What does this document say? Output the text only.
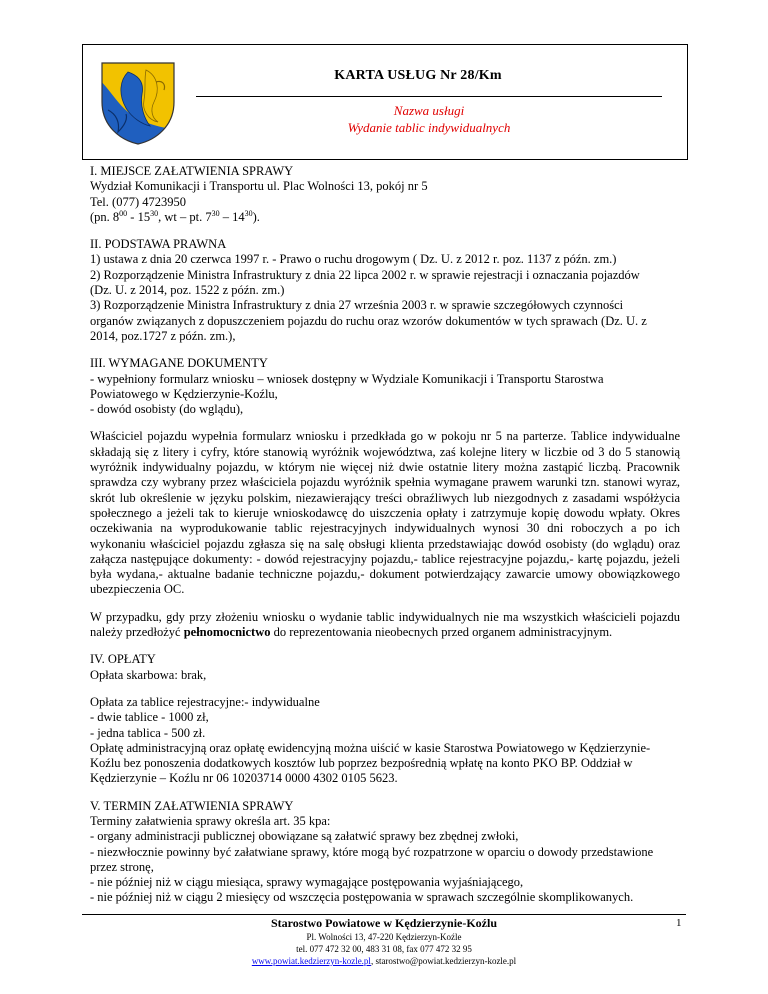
KARTA USŁUG Nr 28/Km
Nazwa usługi
Wydanie tablic indywidualnych

I. MIEJSCE ZAŁATWIENIA SPRAWY

Wydział Komunikacji i Transportu ul. Plac Wolności 13, pokój nr 5

Tel. (077) 4723950

(pn. $8^{00} - 15^{30}$, wt – pt. $7^{30} - 14^{30}$).

II. PODSTAWA PRAWNA

1) ustawa z dnia 20 czerwca 1997 r. - Prawo o ruchu drogowym ( Dz. U. z 2012 r. poz. 1137 z późn. zm.)

2) Rozporządzenie Ministra Infrastruktury z dnia 22 lipca 2002 r. w sprawie rejestracji i oznaczania pojazdów

(Dz. U. z 2014, poz. 1522 z późn. zm.)

3) Rozporządzenie Ministra Infrastruktury z dnia 27 września 2003 r. w sprawie szczegółowych czynności

organów związanych z dopuszczeniem pojazdu do ruchu oraz wzorów dokumentów w tych sprawach (Dz. U. z

2014, poz.1727 z późn. zm.),

III. WYMAGANE DOKUMENTY

- wypełniony formularz wniosku – wniosek dostępny w Wydziale Komunikacji i Transportu Starostwa

Powiatowego w Kędzierzynie-Koźlu,

- dowód osobisty (do wglądu),

Właściciel pojazdu wypełnia formularz wniosku i przedkłada go w pokoju nr 5 na parterze. Tablice indywidualne składają się z litery i cyfry, które stanowią wyróżnik województwa, zaś kolejne litery w liczbie od 3 do 5 stanowią wyróżnik indywidualny pojazdu, w którym nie więcej niż dwie ostatnie litery można zastąpić liczbą. Pracownik sprawdza czy wybrany przez właściciela pojazdu wyróżnik spełnia wymagane prawem warunki tzn. stanowi wyraz, skrót lub określenie w języku polskim, niezawierający treści obraźliwych lub niezgodnych z zasadami współżycia społecznego a jeżeli tak to kieruje wnioskodawcę do uiszczenia opłaty i zatrzymuje kopię dowodu wpłaty. Okres oczekiwania na wyprodukowanie tablic rejestracyjnych indywidualnych wynosi 30 dni roboczych a po ich wykonaniu właściciel pojazdu zgłasza się na salę obsługi klienta przedstawiając dowód osobisty (do wglądu) oraz załącza następujące dokumenty: - dowód rejestracyjny pojazdu,- tablice rejestracyjne pojazdu,- kartę pojazdu, jeżeli była wydana,- aktualne badanie techniczne pojazdu,- dokument potwierdzający zawarcie umowy obowiązkowego ubezpieczenia OC.

W przypadku, gdy przy złożeniu wniosku o wydanie tablic indywidualnych nie ma wszystkich właścicieli pojazdu należy przedłożyć pełnomocnictwo do reprezentowania nieobecnych przed organem administracyjnym.

IV. OPŁATY

Opłata skarbowa: brak,

Opłata za tablice rejestracyjne:- indywidualne

- dwie tablice - 1000 zł,

- jedna tablica - 500 zł.

Opłatę administracyjną oraz opłatę ewidencyjną można uiścić w kasie Starostwa Powiatowego w Kędzierzynie-

Koźlu bez ponoszenia dodatkowych kosztów lub poprzez bezpośrednią wpłatę na konto PKO BP. Oddział w

Kędzierzynie – Koźlu nr 06 10203714 0000 4302 0105 5623.

V. TERMIN ZAŁATWIENIA SPRAWY

Terminy załatwienia sprawy określa art. 35 kpa:

- organy administracji publicznej obowiązane są załatwić sprawy bez zbędnej zwłoki,

- niezwłocznie powinny być załatwiane sprawy, które mogą być rozpatrzone w oparciu o dowody przedstawione

przez stronę,

- nie później niż w ciągu miesiąca, sprawy wymagające postępowania wyjaśniającego,

- nie później niż w ciągu 2 miesięcy od wszczęcia postępowania w sprawach szczególnie skomplikowanych.

Starostwo Powiatowe w Kędzierzynie-Koźlu
Pl. Wolności 13, 47-220 Kędzierzyn-Koźle
tel. 077 472 32 00, 483 31 08, fax 077 472 32 95
www.powiat.kedzierzyn-kozle.pl, starostwo@powiat.kedzierzyn-kozle.pl
1
